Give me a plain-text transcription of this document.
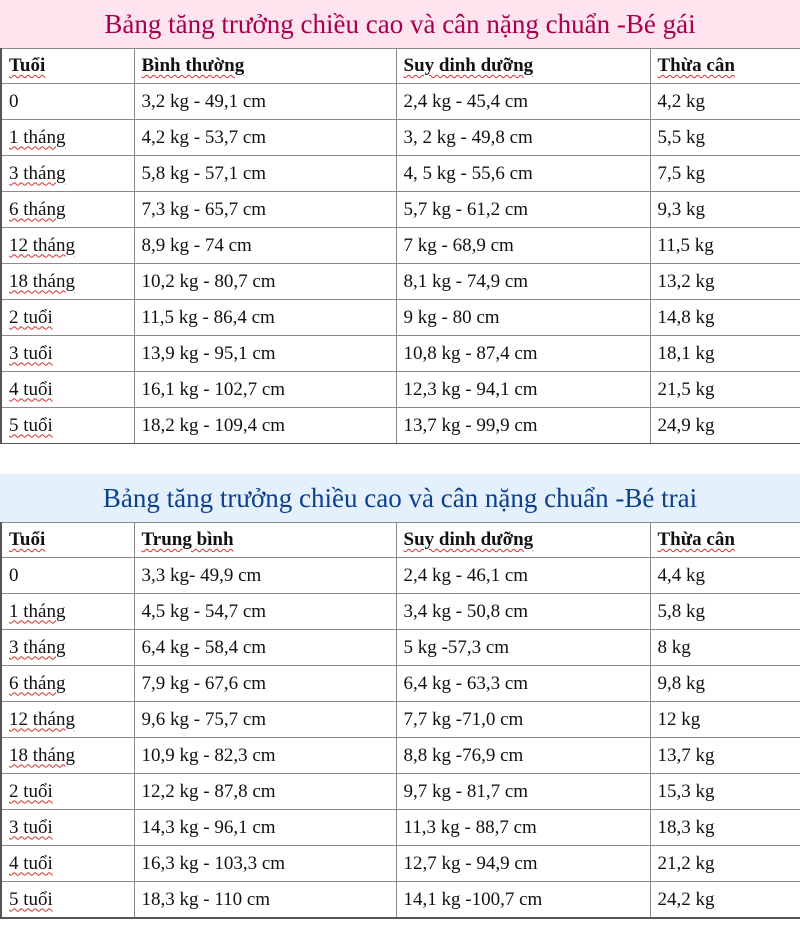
Bảng tăng trưởng chiều cao và cân nặng chuẩn -Bé gái
Tuổi	Bình thường	Suy dinh dưỡng	Thừa cân
0	3,2 kg - 49,1 cm	2,4 kg - 45,4 cm	4,2 kg
1 tháng	4,2 kg - 53,7 cm	3, 2 kg - 49,8 cm	5,5 kg
3 tháng	5,8 kg - 57,1 cm	4, 5 kg - 55,6 cm	7,5 kg
6 tháng	7,3 kg - 65,7 cm	5,7 kg - 61,2 cm	9,3 kg
12 tháng	8,9 kg - 74 cm	7 kg - 68,9 cm	11,5 kg
18 tháng	10,2 kg - 80,7 cm	8,1 kg - 74,9 cm	13,2 kg
2 tuổi	11,5 kg - 86,4 cm	9 kg - 80 cm	14,8 kg
3 tuổi	13,9 kg - 95,1 cm	10,8 kg - 87,4 cm	18,1 kg
4 tuổi	16,1 kg - 102,7 cm	12,3 kg - 94,1 cm	21,5 kg
5 tuổi	18,2 kg - 109,4 cm	13,7 kg - 99,9 cm	24,9 kg
Bảng tăng trưởng chiều cao và cân nặng chuẩn -Bé trai
Tuổi	Trung bình	Suy dinh dưỡng	Thừa cân
0	3,3 kg- 49,9 cm	2,4 kg - 46,1 cm	4,4 kg
1 tháng	4,5 kg - 54,7 cm	3,4 kg - 50,8 cm	5,8 kg
3 tháng	6,4 kg - 58,4 cm	5 kg -57,3 cm	8 kg
6 tháng	7,9 kg - 67,6 cm	6,4 kg - 63,3 cm	9,8 kg
12 tháng	9,6 kg - 75,7 cm	7,7 kg -71,0 cm	12 kg
18 tháng	10,9 kg - 82,3 cm	8,8 kg -76,9 cm	13,7 kg
2 tuổi	12,2 kg - 87,8 cm	9,7 kg - 81,7 cm	15,3 kg
3 tuổi	14,3 kg - 96,1 cm	11,3 kg - 88,7 cm	18,3 kg
4 tuổi	16,3 kg - 103,3 cm	12,7 kg - 94,9 cm	21,2 kg
5 tuổi	18,3 kg - 110 cm	14,1 kg -100,7 cm	24,2 kg
